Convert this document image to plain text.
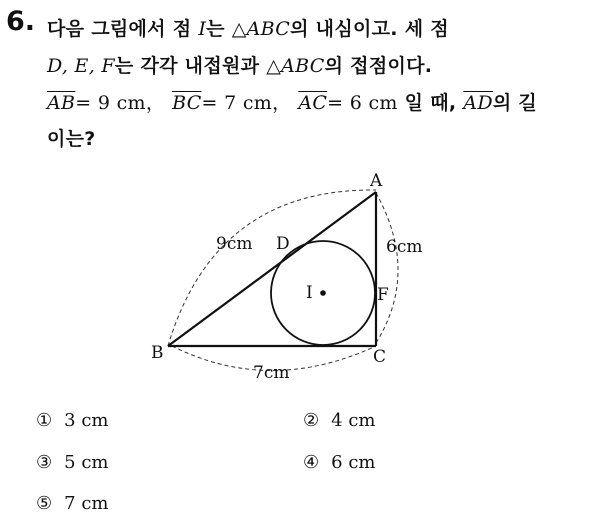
6. 다음 그림에서 점 I는 △ABC의 내심이고. 세 점
D, E, F는 각각 내접원과 △ABC의 접점이다.
$\overline{AB}= 9$ cm， $\overline{BC}= 7$ cm， $\overline{AC}= 6$ cm 일 때, $\overline{AD}$의 길
이는?
A
B	C
D
F
I
9cm	6cm
7cm
① 3 cm	② 4 cm
③ 5 cm	④ 6 cm
⑤ 7 cm
